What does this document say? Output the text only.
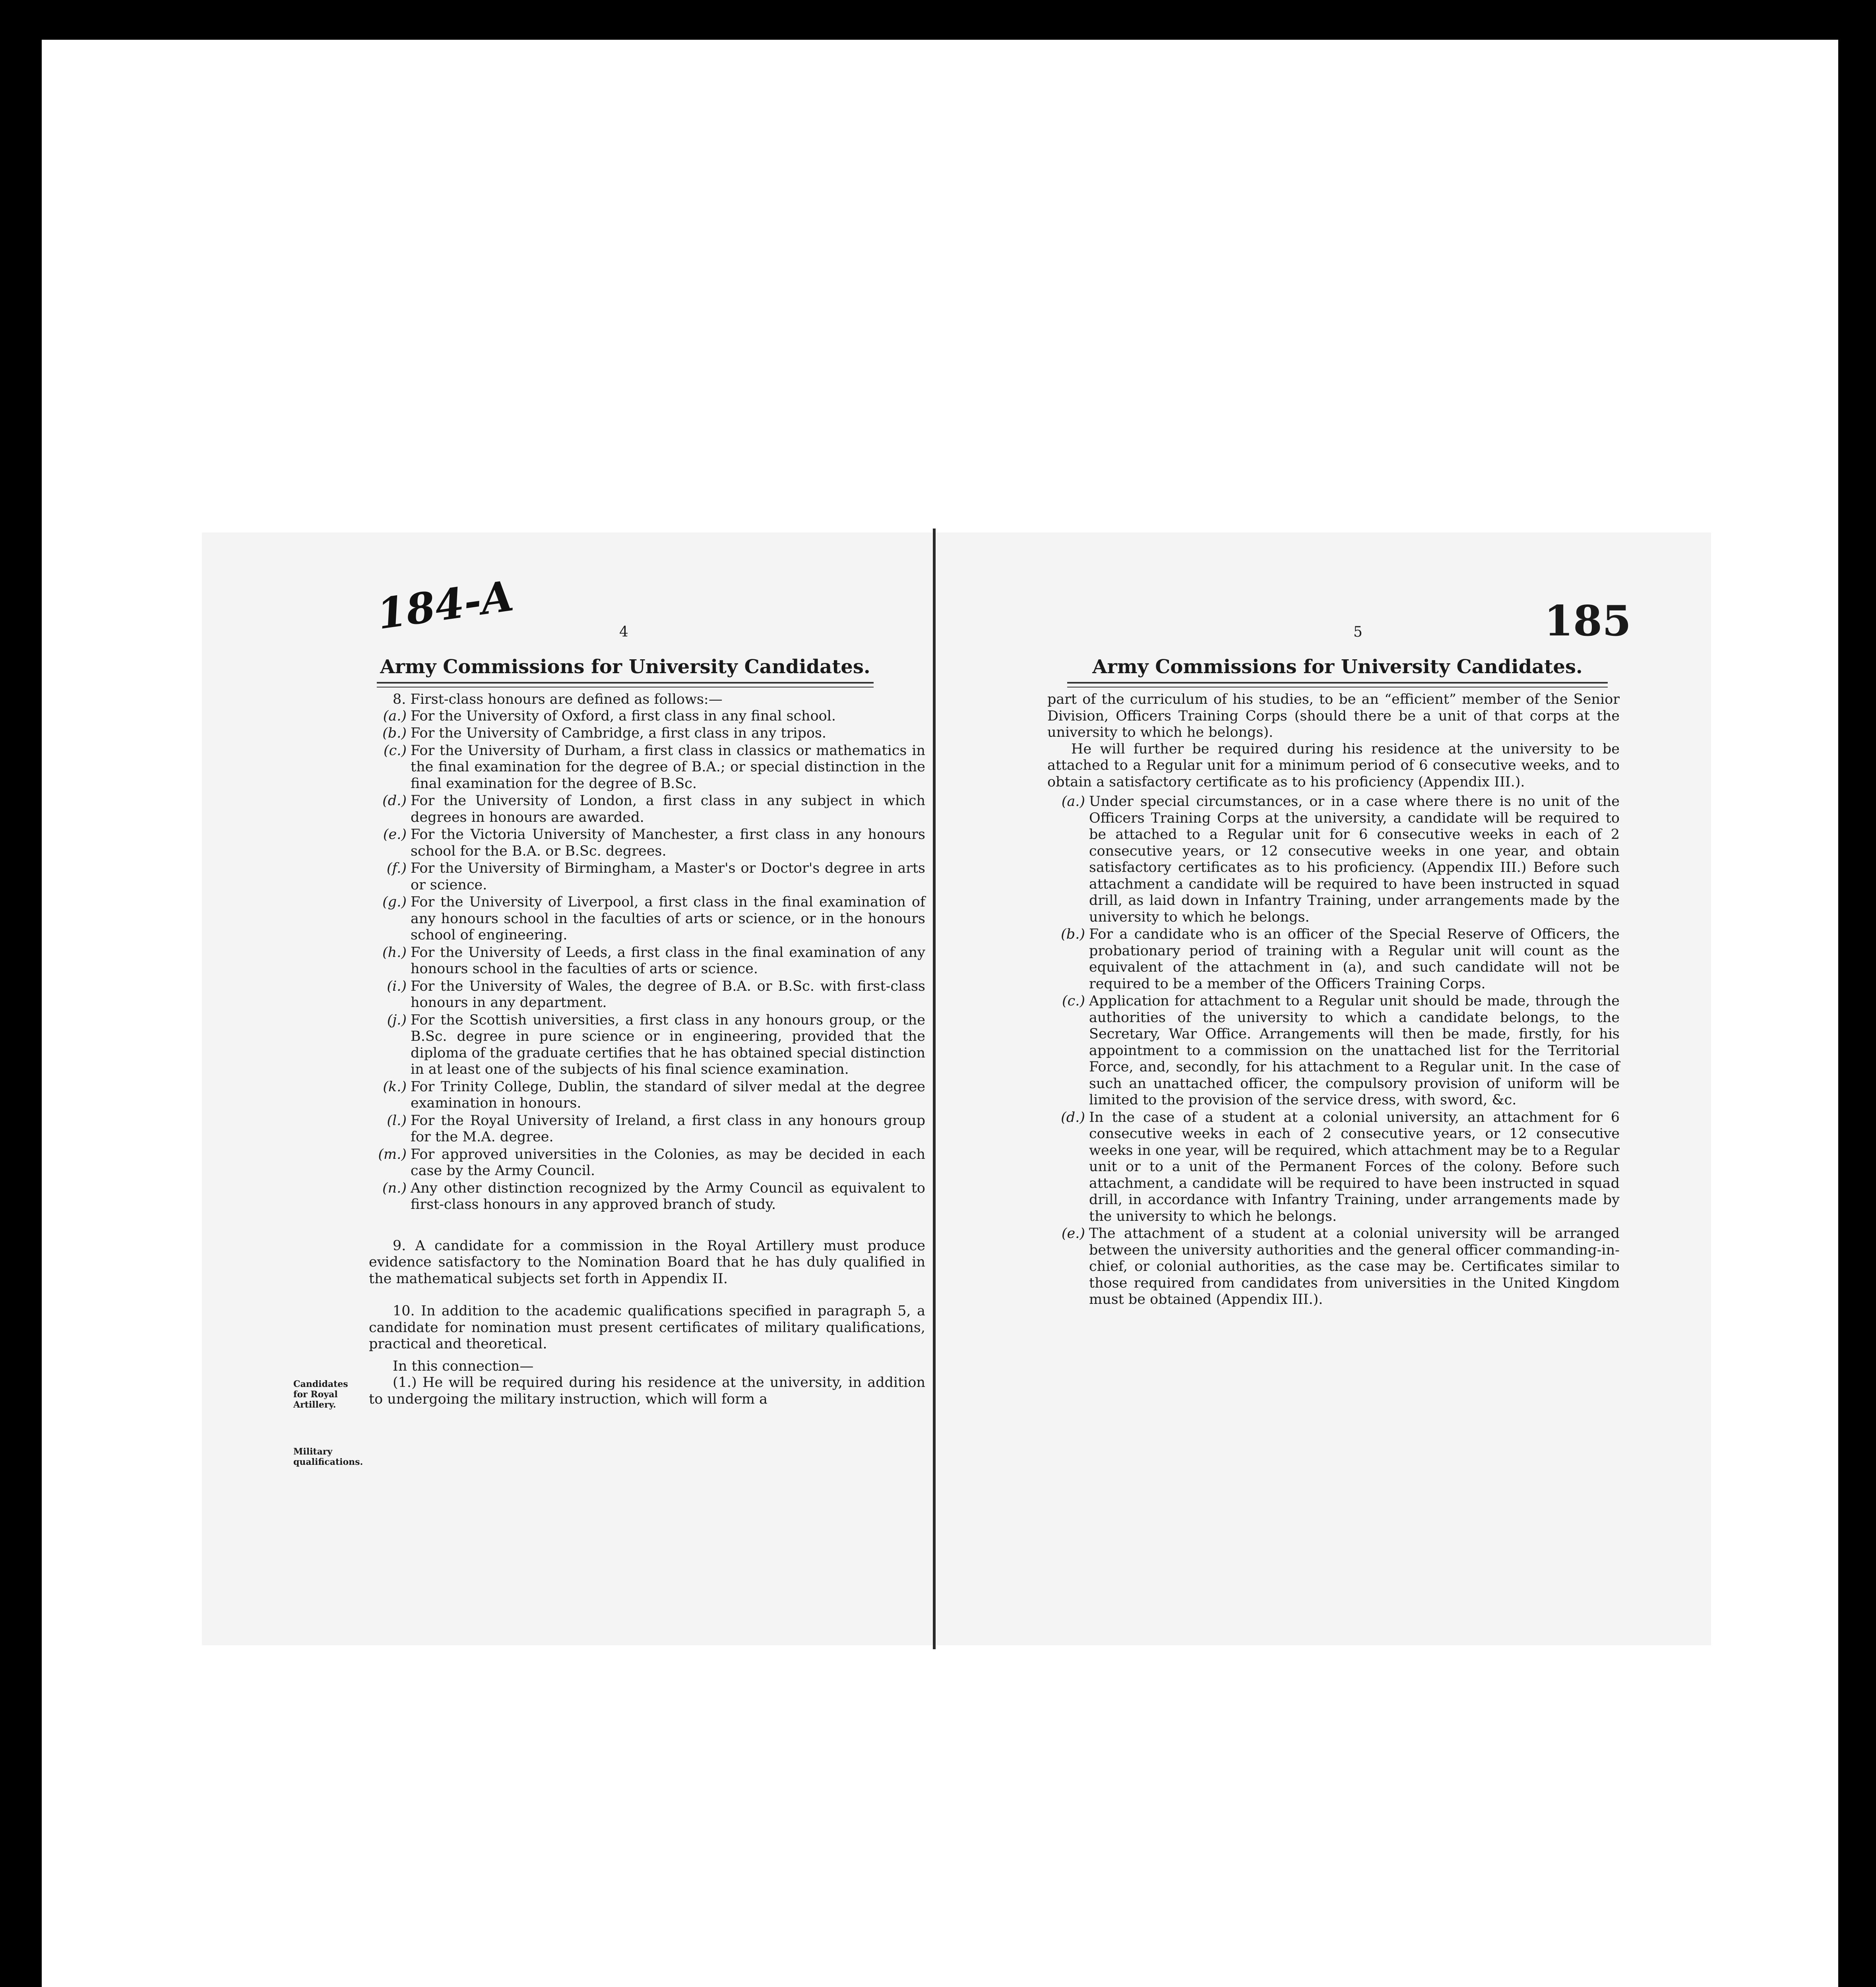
184-A	4
Army Commissions for University Candidates.

8. First-class honours are defined as follows:—

(a.) For the University of Oxford, a first class in any final school.
(b.) For the University of Cambridge, a first class in any tripos.
(c.) For the University of Durham, a first class in classics or mathematics in the final examination for the degree of B.A.; or special distinction in the final examination for the degree of B.Sc.
(d.) For the University of London, a first class in any subject in which degrees in honours are awarded.
(e.) For the Victoria University of Manchester, a first class in any honours school for the B.A. or B.Sc. degrees.
(f.) For the University of Birmingham, a Master's or Doctor's degree in arts or science.
(g.) For the University of Liverpool, a first class in the final examination of any honours school in the faculties of arts or science, or in the honours school of engineering.
(h.) For the University of Leeds, a first class in the final examination of any honours school in the faculties of arts or science.
(i.) For the University of Wales, the degree of B.A. or B.Sc. with first-class honours in any department.
(j.) For the Scottish universities, a first class in any honours group, or the B.Sc. degree in pure science or in engineering, provided that the diploma of the graduate certifies that he has obtained special distinction in at least one of the subjects of his final science examination.
(k.) For Trinity College, Dublin, the standard of silver medal at the degree examination in honours.
(l.) For the Royal University of Ireland, a first class in any honours group for the M.A. degree.
(m.) For approved universities in the Colonies, as may be decided in each case by the Army Council.
(n.) Any other distinction recognized by the Army Council as equivalent to first-class honours in any approved branch of study.

9. A candidate for a commission in the Royal Artillery must produce evidence satisfactory to the Nomination Board that he has duly qualified in the mathematical subjects set forth in Appendix II.

10. In addition to the academic qualifications specified in paragraph 5, a candidate for nomination must present certificates of military qualifications, practical and theoretical.

In this connection—

(1.) He will be required during his residence at the university, in addition to undergoing the military instruction, which will form a

Candidates for Royal Artillery.
Military qualifications.
5	185
Army Commissions for University Candidates.

part of the curriculum of his studies, to be an “efficient” member of the Senior Division, Officers Training Corps (should there be a unit of that corps at the university to which he belongs).

He will further be required during his residence at the university to be attached to a Regular unit for a minimum period of 6 consecutive weeks, and to obtain a satisfactory certificate as to his proficiency (Appendix III.).

(a.) Under special circumstances, or in a case where there is no unit of the Officers Training Corps at the university, a candidate will be required to be attached to a Regular unit for 6 consecutive weeks in each of 2 consecutive years, or 12 consecutive weeks in one year, and obtain satisfactory certificates as to his proficiency. (Appendix III.) Before such attachment a candidate will be required to have been instructed in squad drill, as laid down in Infantry Training, under arrangements made by the university to which he belongs.
(b.) For a candidate who is an officer of the Special Reserve of Officers, the probationary period of training with a Regular unit will count as the equivalent of the attachment in (a), and such candidate will not be required to be a member of the Officers Training Corps.
(c.) Application for attachment to a Regular unit should be made, through the authorities of the university to which a candidate belongs, to the Secretary, War Office. Arrangements will then be made, firstly, for his appointment to a commission on the unattached list for the Territorial Force, and, secondly, for his attachment to a Regular unit. In the case of such an unattached officer, the compulsory provision of uniform will be limited to the provision of the service dress, with sword, &c.
(d.) In the case of a student at a colonial university, an attachment for 6 consecutive weeks in each of 2 consecutive years, or 12 consecutive weeks in one year, will be required, which attachment may be to a Regular unit or to a unit of the Permanent Forces of the colony. Before such attachment, a candidate will be required to have been instructed in squad drill, in accordance with Infantry Training, under arrangements made by the university to which he belongs.
(e.) The attachment of a student at a colonial university will be arranged between the university authorities and the general officer commanding-in-chief, or colonial authorities, as the case may be. Certificates similar to those required from candidates from universities in the United Kingdom must be obtained (Appendix III.).
